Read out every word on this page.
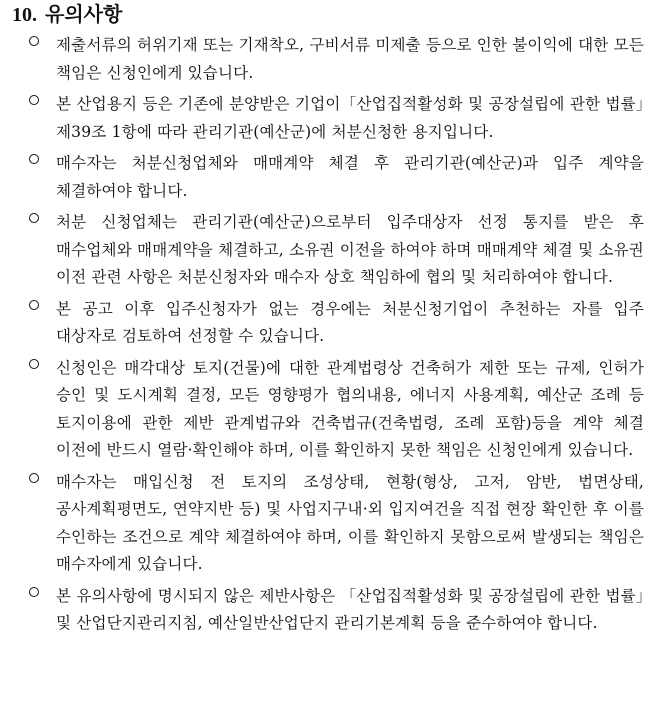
10. 유의사항
제출서류의 허위기재 또는 기재착오, 구비서류 미제출 등으로 인한 불이익에 대한 모든 책임은 신청인에게 있습니다.
본 산업용지 등은 기존에 분양받은 기업이「산업집적활성화 및 공장설립에 관한 법률」제39조 1항에 따라 관리기관(예산군)에 처분신청한 용지입니다.
매수자는 처분신청업체와 매매계약 체결 후 관리기관(예산군)과 입주 계약을 체결하여야 합니다.
처분 신청업체는 관리기관(예산군)으로부터 입주대상자 선정 통지를 받은 후 매수업체와 매매계약을 체결하고, 소유권 이전을 하여야 하며 매매계약 체결 및 소유권 이전 관련 사항은 처분신청자와 매수자 상호 책임하에 협의 및 처리하여야 합니다.
본 공고 이후 입주신청자가 없는 경우에는 처분신청기업이 추천하는 자를 입주 대상자로 검토하여 선정할 수 있습니다.
신청인은 매각대상 토지(건물)에 대한 관계법령상 건축허가 제한 또는 규제, 인허가 승인 및 도시계획 결정, 모든 영향평가 협의내용, 에너지 사용계획, 예산군 조례 등 토지이용에 관한 제반 관계법규와 건축법규(건축법령, 조례 포함)등을 계약 체결 이전에 반드시 열람·확인해야 하며, 이를 확인하지 못한 책임은 신청인에게 있습니다.
매수자는 매입신청 전 토지의 조성상태, 현황(형상, 고저, 암반, 법면상태, 공사계획평면도, 연약지반 등) 및 사업지구내·외 입지여건을 직접 현장 확인한 후 이를 수인하는 조건으로 계약 체결하여야 하며, 이를 확인하지 못함으로써 발생되는 책임은 매수자에게 있습니다.
본 유의사항에 명시되지 않은 제반사항은 「산업집적활성화 및 공장설립에 관한 법률」및 산업단지관리지침, 예산일반산업단지 관리기본계획 등을 준수하여야 합니다.
